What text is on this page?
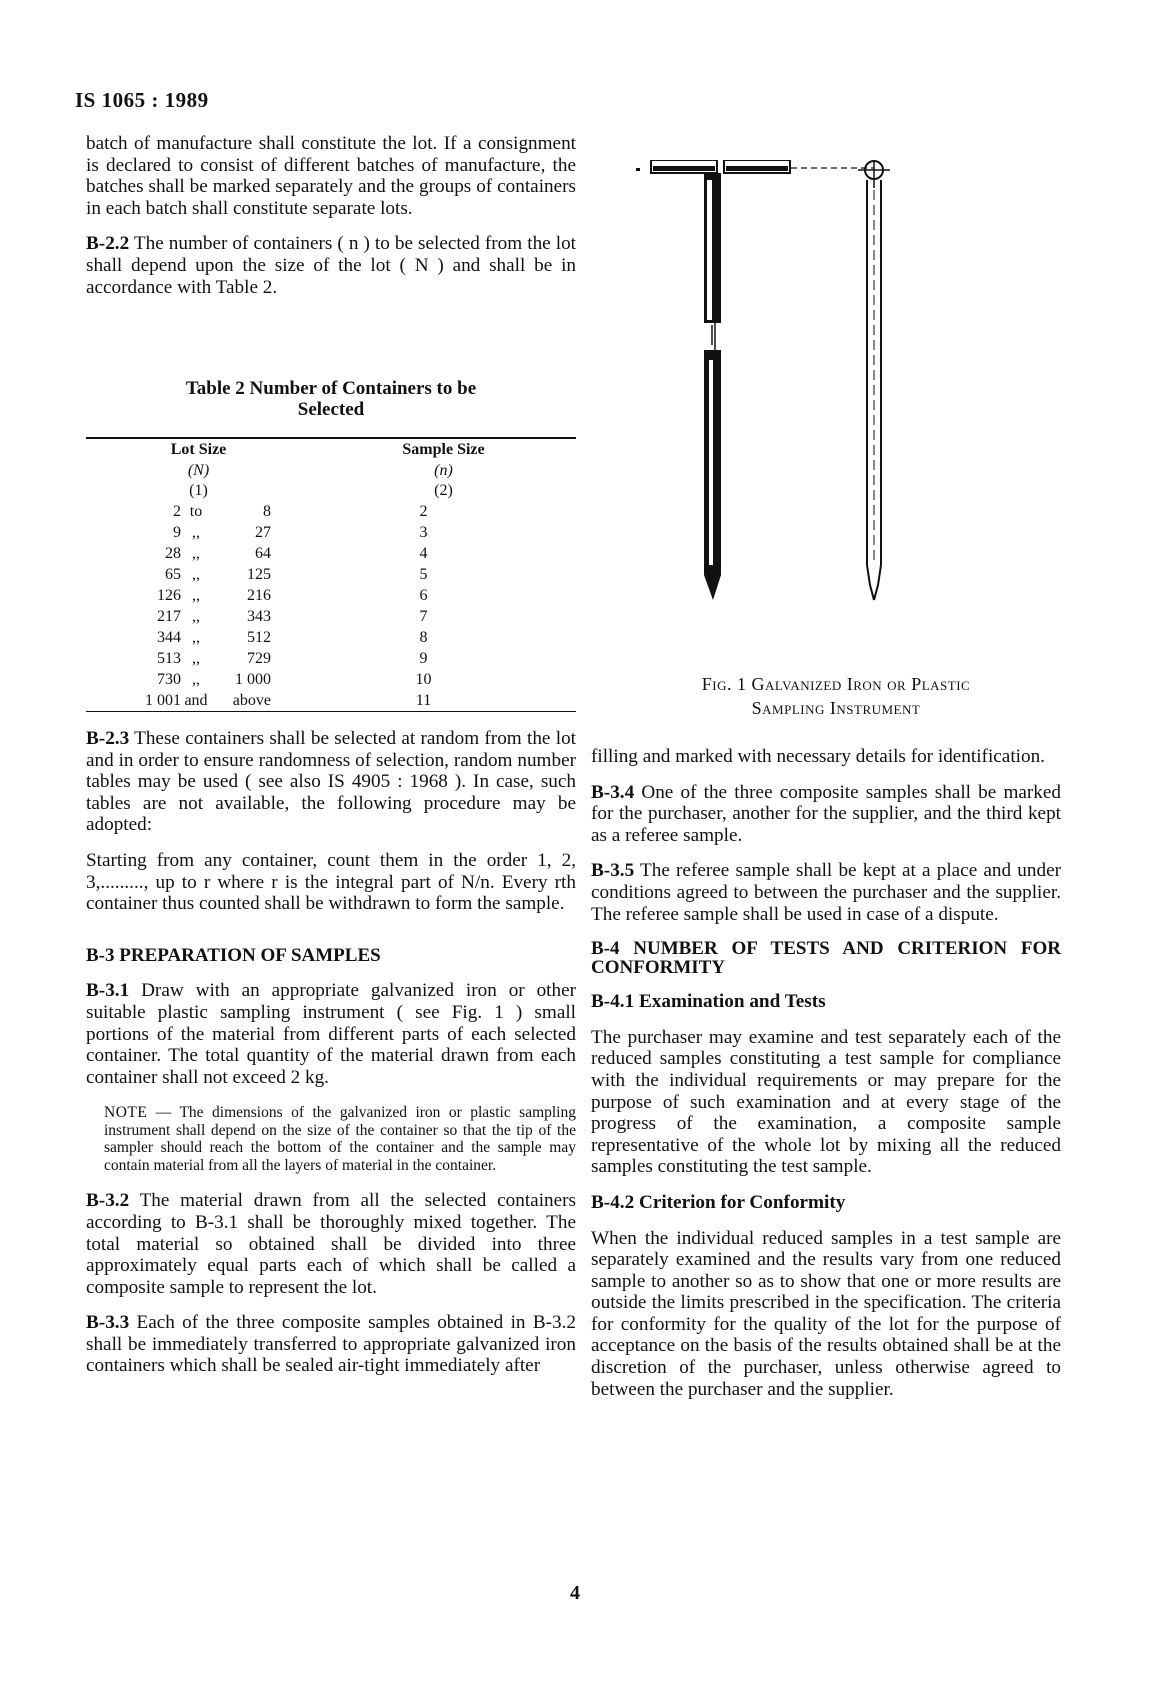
IS 1065 : 1989

batch of manufacture shall constitute the lot. If a consignment is declared to consist of different batches of manufacture, the batches shall be marked separately and the groups of containers in each batch shall constitute separate lots.

B-2.2 The number of containers ( n ) to be selected from the lot shall depend upon the size of the lot ( N ) and shall be in accordance with Table 2.

Table 2 Number of Containers to be
Selected
Lot Size	Sample Size
(N)	(n)
(1)	(2)
2 to	8	2
9 ,,	27	3
28 ,,	64	4
65 ,,	125	5
126 ,,	216	6
217 ,,	343	7
344 ,,	512	8
513 ,,	729	9
730 ,,	1 000	10
1 001 and	above	11
Fig. 1 Galvanized Iron or Plastic
Sampling Instrument

B-2.3 These containers shall be selected at random from the lot and in order to ensure randomness of selection, random number tables may be used ( see also IS 4905 : 1968 ). In case, such tables are not available, the following procedure may be adopted:

Starting from any container, count them in the order 1, 2, 3,........., up to r where r is the integral part of N/n. Every rth container thus counted shall be withdrawn to form the sample.

B-3 PREPARATION OF SAMPLES

B-3.1 Draw with an appropriate galvanized iron or other suitable plastic sampling instrument ( see Fig. 1 ) small portions of the material from different parts of each selected container. The total quantity of the material drawn from each container shall not exceed 2 kg.

NOTE — The dimensions of the galvanized iron or plastic sampling instrument shall depend on the size of the container so that the tip of the sampler should reach the bottom of the container and the sample may contain material from all the layers of material in the container.

B-3.2 The material drawn from all the selected containers according to B-3.1 shall be thoroughly mixed together. The total material so obtained shall be divided into three approximately equal parts each of which shall be called a composite sample to represent the lot.

B-3.3 Each of the three composite samples obtained in B-3.2 shall be immediately transferred to appropriate galvanized iron containers which shall be sealed air-tight immediately after

filling and marked with necessary details for identification.

B-3.4 One of the three composite samples shall be marked for the purchaser, another for the supplier, and the third kept as a referee sample.

B-3.5 The referee sample shall be kept at a place and under conditions agreed to between the purchaser and the supplier. The referee sample shall be used in case of a dispute.

B-4 NUMBER OF TESTS AND CRITERION FOR CONFORMITY

B-4.1 Examination and Tests

The purchaser may examine and test separately each of the reduced samples constituting a test sample for compliance with the individual requirements or may prepare for the purpose of such examination and at every stage of the progress of the examination, a composite sample representative of the whole lot by mixing all the reduced samples constituting the test sample.

B-4.2 Criterion for Conformity

When the individual reduced samples in a test sample are separately examined and the results vary from one reduced sample to another so as to show that one or more results are outside the limits prescribed in the specification. The criteria for conformity for the quality of the lot for the purpose of acceptance on the basis of the results obtained shall be at the discretion of the purchaser, unless otherwise agreed to between the purchaser and the supplier.

4
